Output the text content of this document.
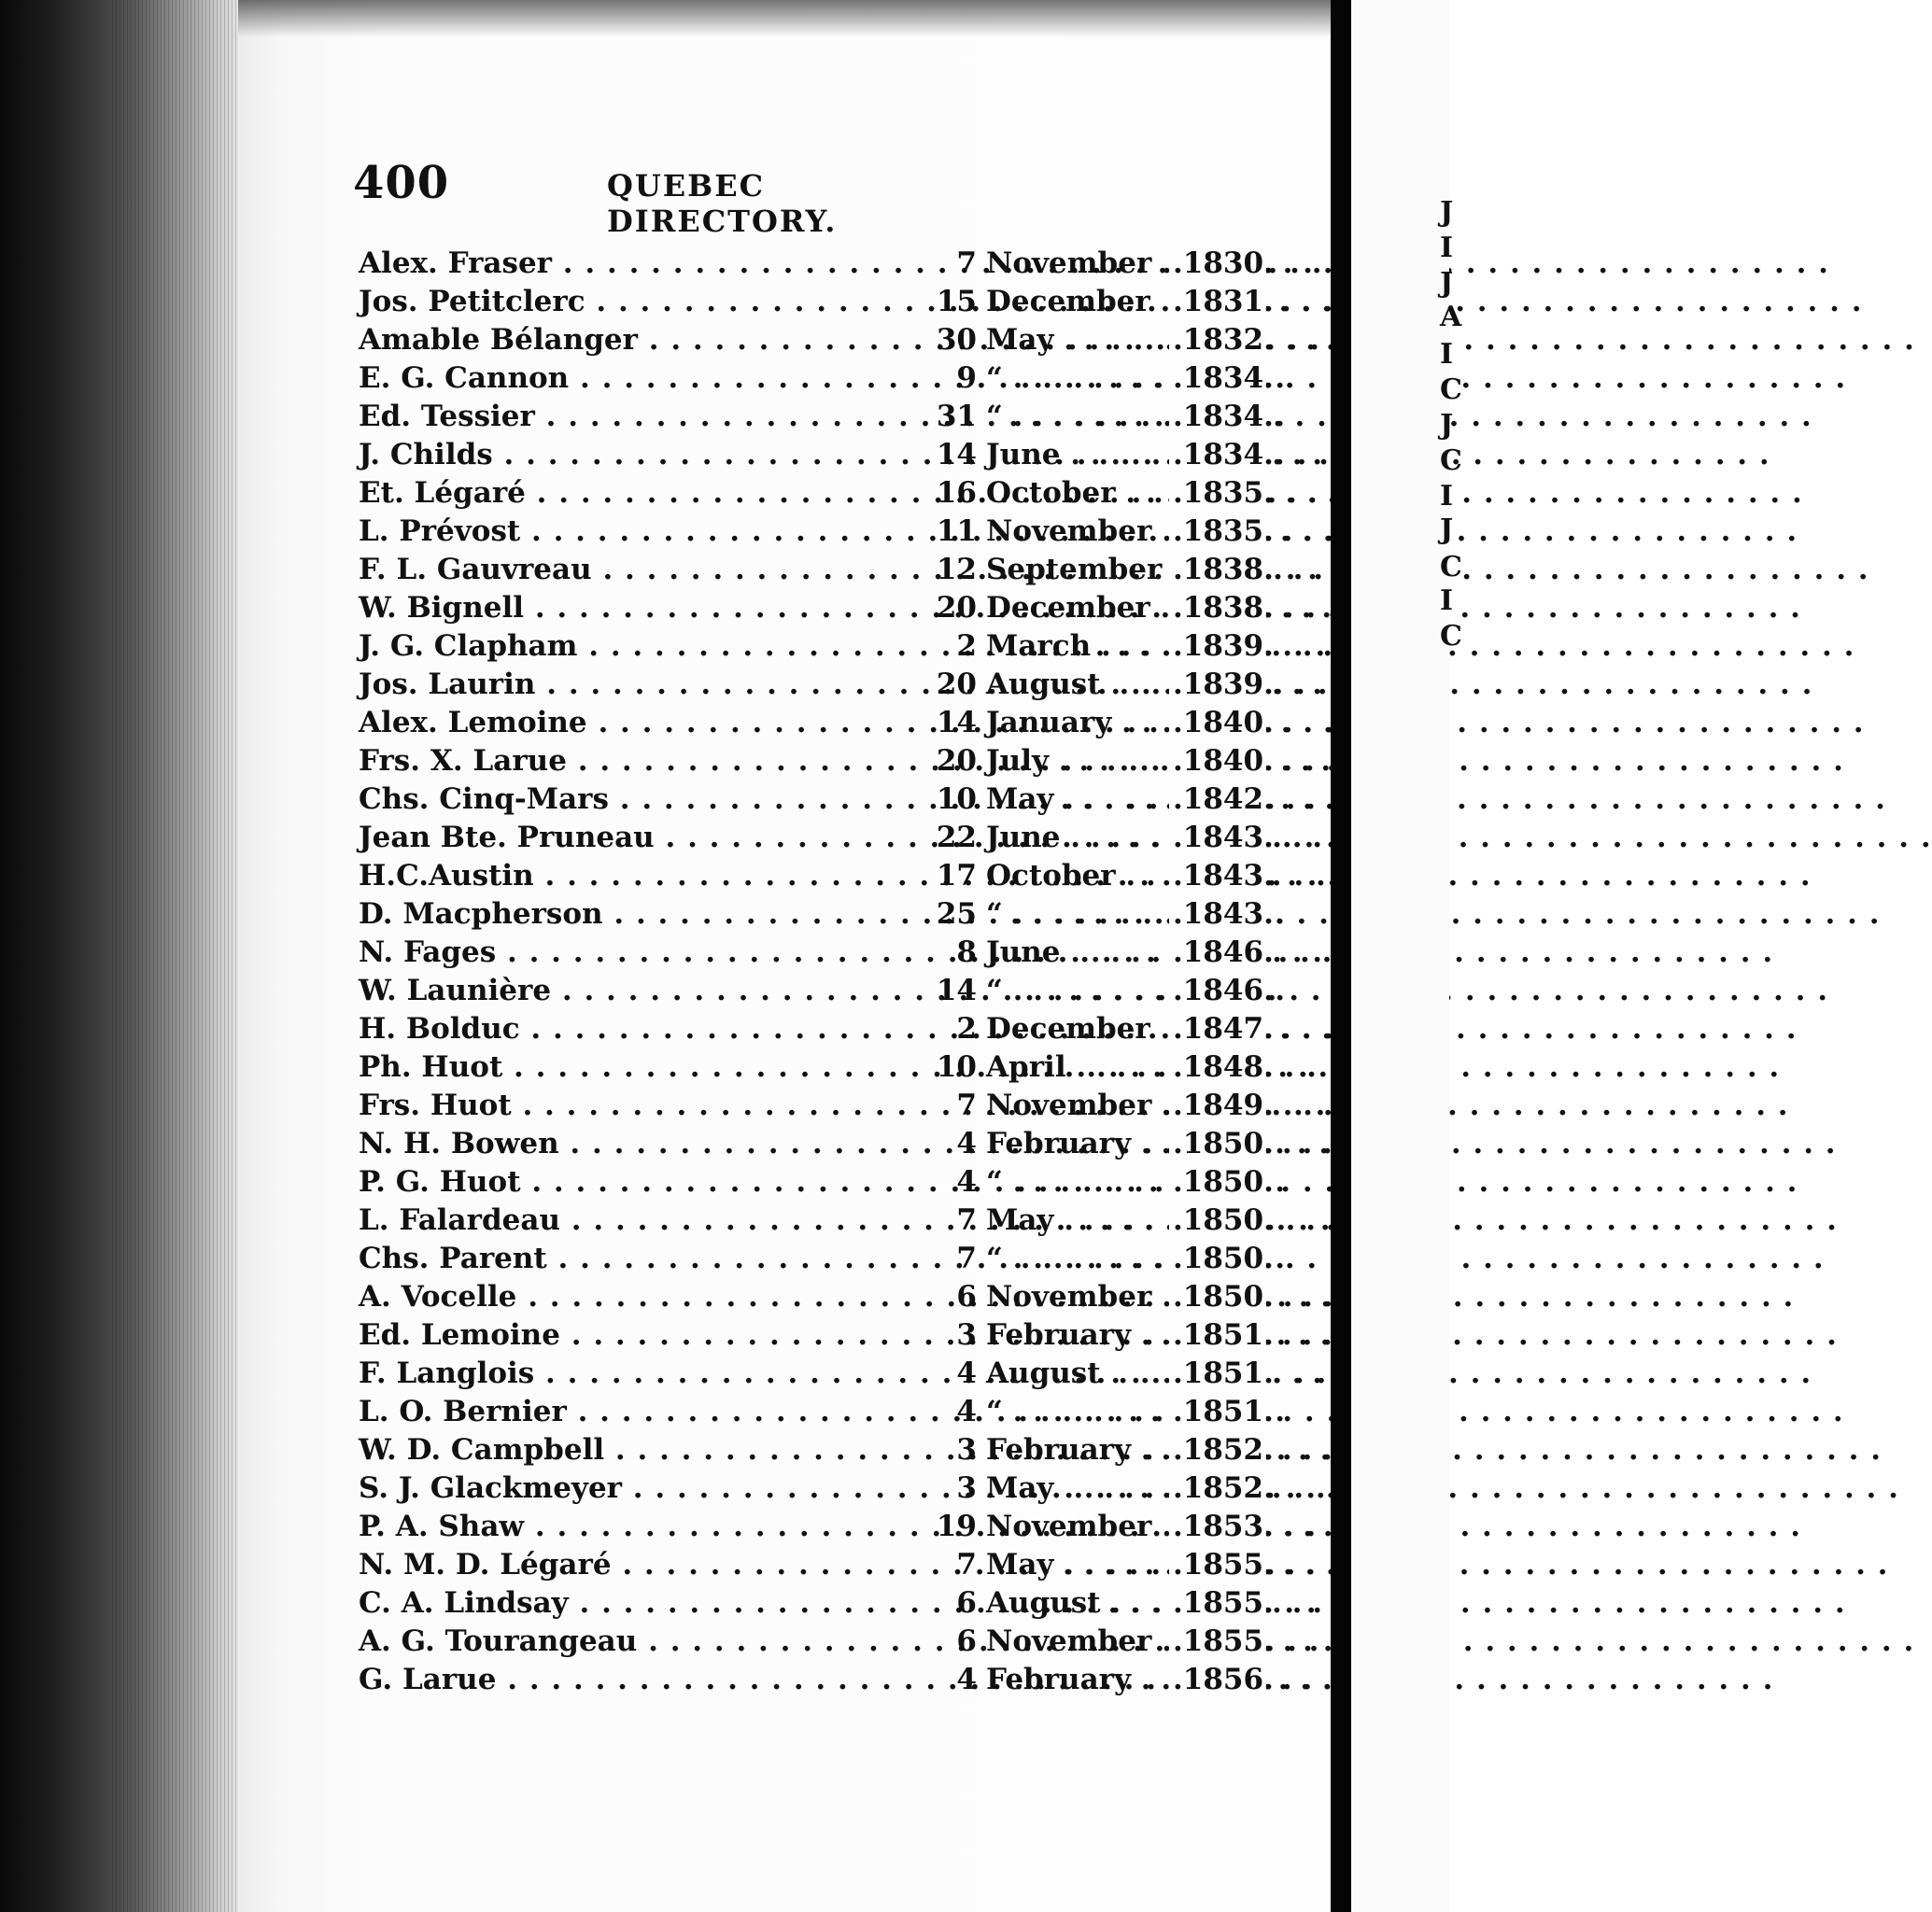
400	QUEBEC DIRECTORY.
Alex. Fraser . . .	7 November . . . .1830.
Jos. Petitclerc . . .	15 December . . . .1831.
Amable Bélanger . . .	30 May . . .	.1832.
E. G. Cannon . . .	9 “ . . .	.1834.
Ed. Tessier . . .	31 “ . . .	.1834.
J. Childs . . .	14 June . . .	.1834.
Et. Légaré . . .	16 October . . .	.1835.
L. Prévost . . .	11 November . . . .1835.
F. L. Gauvreau . . .	12 September . . . .1838.
W. Bignell . . .	20 December . . . .1838.
J. G. Clapham . . .	2 March . . .	.1839.
Jos. Laurin . . .	20 August . . .	.1839.
Alex. Lemoine . . .	14 January . . .	.1840.
Frs. X. Larue . . .	20 July . . .	.1840.
Chs. Cinq-Mars . . .	10 May . . .	.1842.
Jean Bte. Pruneau . . .	22 June . . .	.1843.
H.C.Austin . . .	17 October . . .	.1843.
D. Macpherson . . .	25 “ . . .	.1843.
N. Fages . . .	8 June . . .	.1846.
W. Launière . . .	14 “ . . .	.1846.
H. Bolduc . . .	2 December . . . .1847.
Ph. Huot . . .	10 April . . .	.1848.
Frs. Huot . . .	7 November . . . .1849.
N. H. Bowen . . .	4 February . . .	.1850.
P. G. Huot . . .	4 “ . . .	.1850.
L. Falardeau . . .	7 May . . .	.1850.
Chs. Parent . . .	7 “ . . .	.1850.
A. Vocelle . . .	6 November . . . .1850.
Ed. Lemoine . . .	3 February . . .	.1851.
F. Langlois . . .	4 August . . .	.1851.
L. O. Bernier . . .	4 “ . . .	.1851.
W. D. Campbell . . .	3 February . . .	.1852.
S. J. Glackmeyer . . .	3 May . . .	.1852.
P. A. Shaw . . .	19 November . . . .1853.
N. M. D. Légaré . . .	7 May . . .	.1855.
C. A. Lindsay . . .	6 August . . .	.1855.
A. G. Tourangeau . . .	6 November . . . .1855.
G. Larue . . .	4 February . . .	.1856.
J
I
J
A
I
C
J
C
I
J
C
I
C
